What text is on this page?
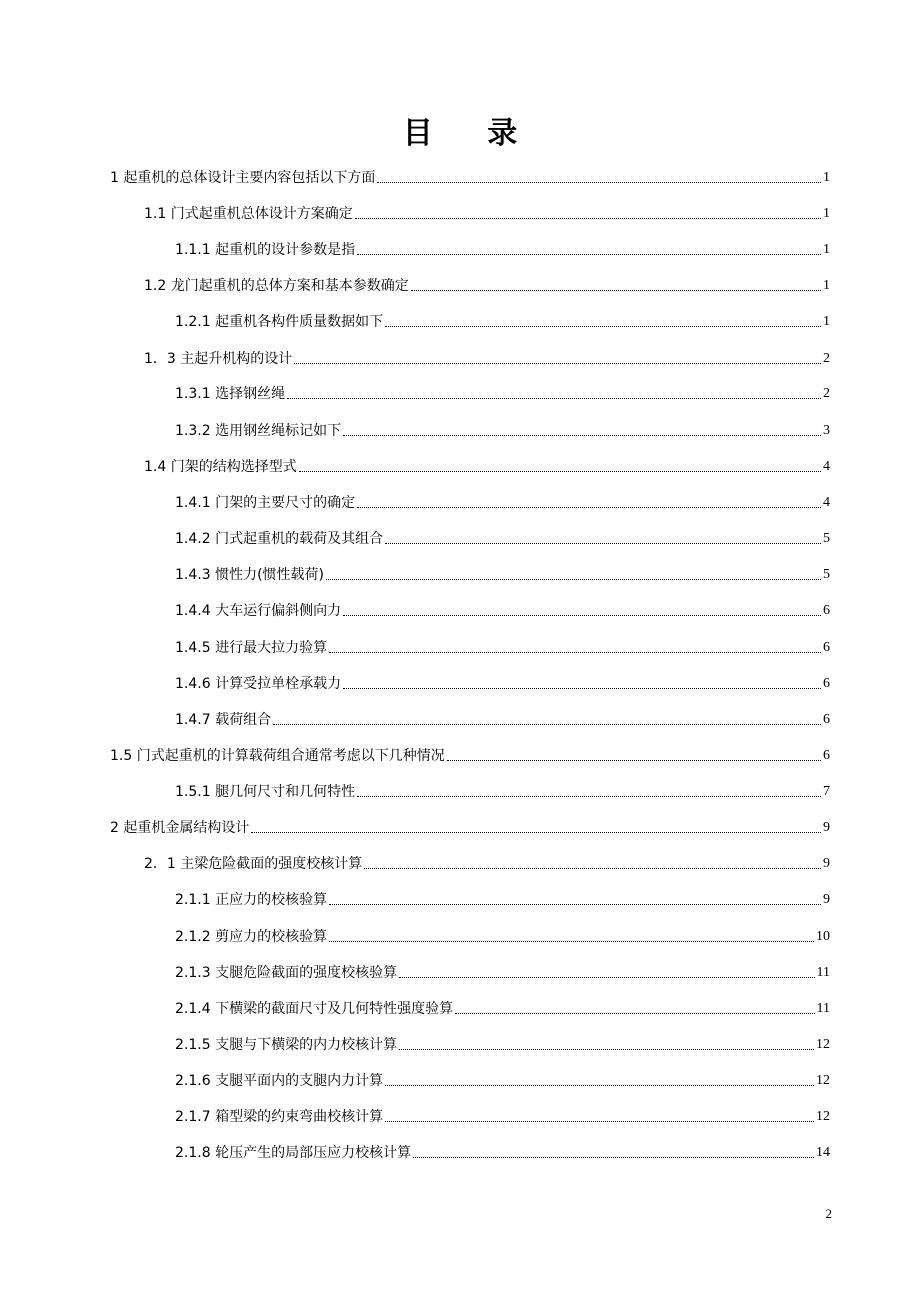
目 录
1 起重机的总体设计主要内容包括以下方面	1
1.1 门式起重机总体设计方案确定	1
1.1.1 起重机的设计参数是指	1
1.2 龙门起重机的总体方案和基本参数确定	1
1.2.1 起重机各构件质量数据如下	1
1．3 主起升机构的设计	2
1.3.1 选择钢丝绳	2
1.3.2 选用钢丝绳标记如下	3
1.4 门架的结构选择型式	4
1.4.1 门架的主要尺寸的确定	4
1.4.2 门式起重机的载荷及其组合	5
1.4.3 惯性力(惯性载荷)	5
1.4.4 大车运行偏斜侧向力	6
1.4.5 进行最大拉力验算	6
1.4.6 计算受拉单栓承载力	6
1.4.7 载荷组合	6
1.5 门式起重机的计算载荷组合通常考虑以下几种情况	6
1.5.1 腿几何尺寸和几何特性	7
2 起重机金属结构设计	9
2．1 主梁危险截面的强度校核计算	9
2.1.1 正应力的校核验算	9
2.1.2 剪应力的校核验算	10
2.1.3 支腿危险截面的强度校核验算	11
2.1.4 下横梁的截面尺寸及几何特性强度验算	11
2.1.5 支腿与下横梁的内力校核计算	12
2.1.6 支腿平面内的支腿内力计算	12
2.1.7 箱型梁的约束弯曲校核计算	12
2.1.8 轮压产生的局部压应力校核计算	14
2
